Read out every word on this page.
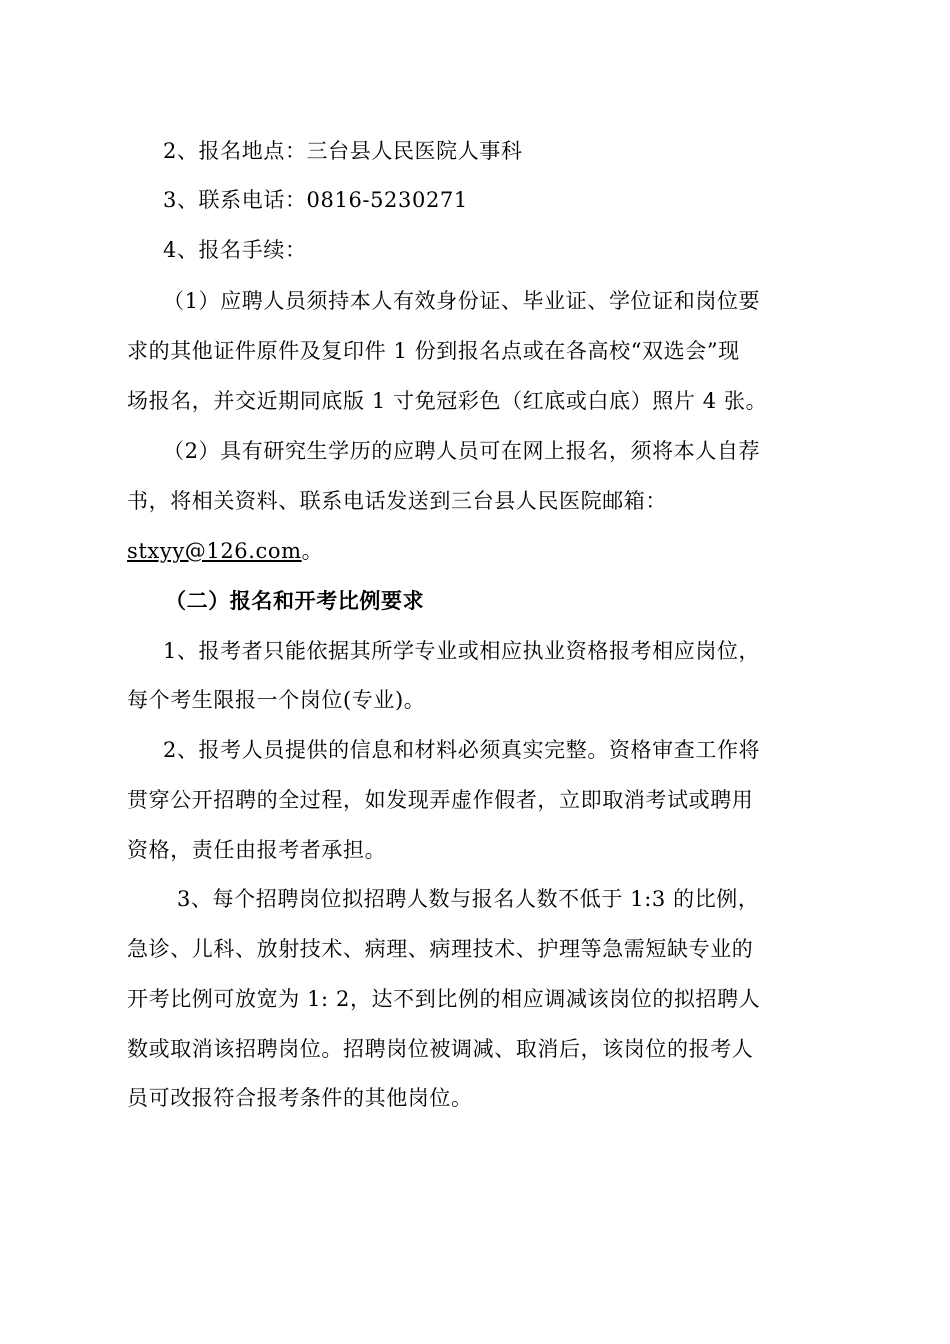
2、报名地点：三台县人民医院人事科
3、联系电话：0816-5230271
4、报名手续：
（1）应聘人员须持本人有效身份证、毕业证、学位证和岗位要
求的其他证件原件及复印件 1 份到报名点或在各高校“双选会”现
场报名，并交近期同底版 1 寸免冠彩色（红底或白底）照片 4 张。
（2）具有研究生学历的应聘人员可在网上报名，须将本人自荐
书，将相关资料、联系电话发送到三台县人民医院邮箱：
stxyy@126.com。
（二）报名和开考比例要求
1、报考者只能依据其所学专业或相应执业资格报考相应岗位，
每个考生限报一个岗位(专业)。
2、报考人员提供的信息和材料必须真实完整。资格审查工作将
贯穿公开招聘的全过程，如发现弄虚作假者，立即取消考试或聘用
资格，责任由报考者承担。
3、每个招聘岗位拟招聘人数与报名人数不低于 1:3 的比例，
急诊、儿科、放射技术、病理、病理技术、护理等急需短缺专业的
开考比例可放宽为 1: 2，达不到比例的相应调减该岗位的拟招聘人
数或取消该招聘岗位。招聘岗位被调减、取消后，该岗位的报考人
员可改报符合报考条件的其他岗位。
